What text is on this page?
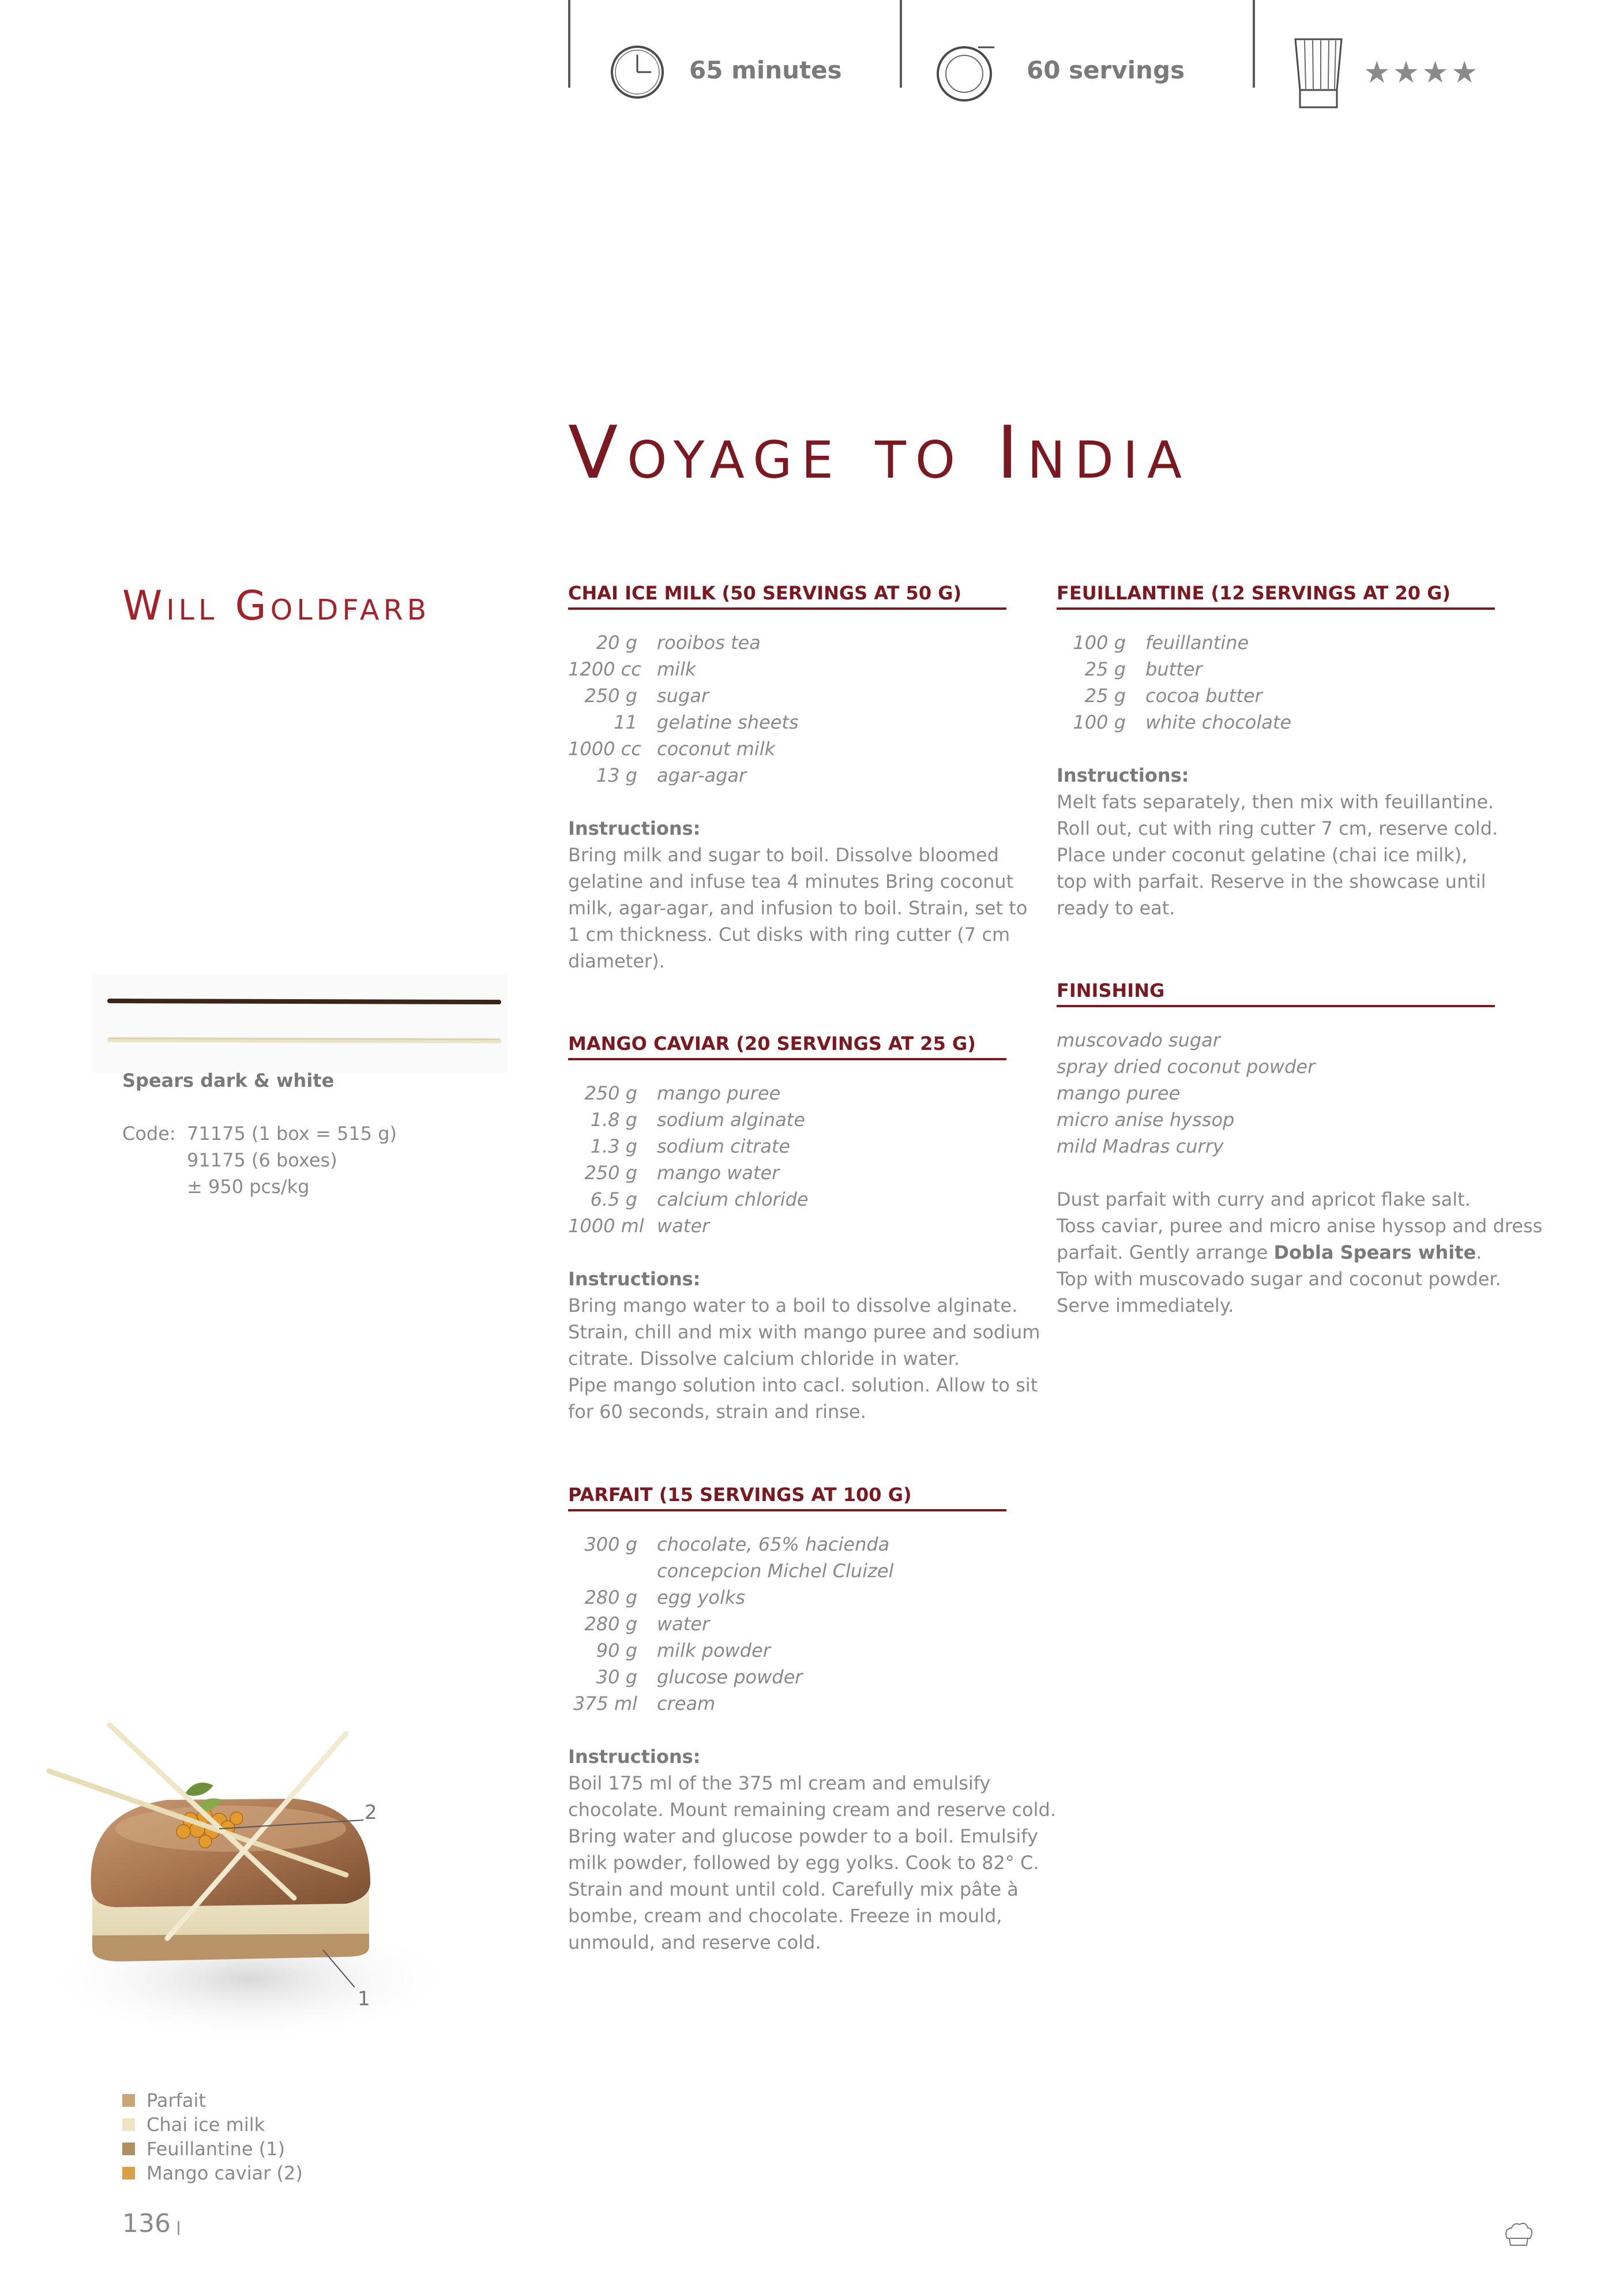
65 minutes	60 servings	★★★★
Voyage to India
Will Goldfarb
Spears dark & white
Code: 71175 (1 box = 515 g)
91175 (6 boxes)
± 950 pcs/kg
CHAI ICE MILK (50 SERVINGS AT 50 G)
20 g	rooibos tea
1200 cc milk
250 g	sugar
11	gelatine sheets
1000 cc coconut milk
13 g	agar-agar
Instructions:
Bring milk and sugar to boil. Dissolve bloomed
gelatine and infuse tea 4 minutes Bring coconut
milk, agar-agar, and infusion to boil. Strain, set to
1 cm thickness. Cut disks with ring cutter (7 cm
diameter).
MANGO CAVIAR (20 SERVINGS AT 25 G)
250 g	mango puree
1.8 g	sodium alginate
1.3 g	sodium citrate
250 g	mango water
6.5 g	calcium chloride
1000 ml water
Instructions:
Bring mango water to a boil to dissolve alginate.
Strain, chill and mix with mango puree and sodium
citrate. Dissolve calcium chloride in water.
Pipe mango solution into cacl. solution. Allow to sit
for 60 seconds, strain and rinse.
PARFAIT (15 SERVINGS AT 100 G)
300 g	chocolate, 65% hacienda
concepcion Michel Cluizel
280 g	egg yolks
280 g	water
90 g	milk powder
30 g	glucose powder
375 ml	cream
Instructions:
Boil 175 ml of the 375 ml cream and emulsify
chocolate. Mount remaining cream and reserve cold.
Bring water and glucose powder to a boil. Emulsify
milk powder, followed by egg yolks. Cook to 82° C.
Strain and mount until cold. Carefully mix pâte à
bombe, cream and chocolate. Freeze in mould,
unmould, and reserve cold.
FEUILLANTINE (12 SERVINGS AT 20 G)
100 g	feuillantine
25 g	butter
25 g	cocoa butter
100 g	white chocolate
Instructions:
Melt fats separately, then mix with feuillantine.
Roll out, cut with ring cutter 7 cm, reserve cold.
Place under coconut gelatine (chai ice milk),
top with parfait. Reserve in the showcase until
ready to eat.
FINISHING
muscovado sugar
spray dried coconut powder
mango puree
micro anise hyssop
mild Madras curry
Dust parfait with curry and apricot flake salt.
Toss caviar, puree and micro anise hyssop and dress
parfait. Gently arrange Dobla Spears white.
Top with muscovado sugar and coconut powder.
Serve immediately.
2
1
Parfait
Chai ice milk
Feuillantine (1)
Mango caviar (2)
136
